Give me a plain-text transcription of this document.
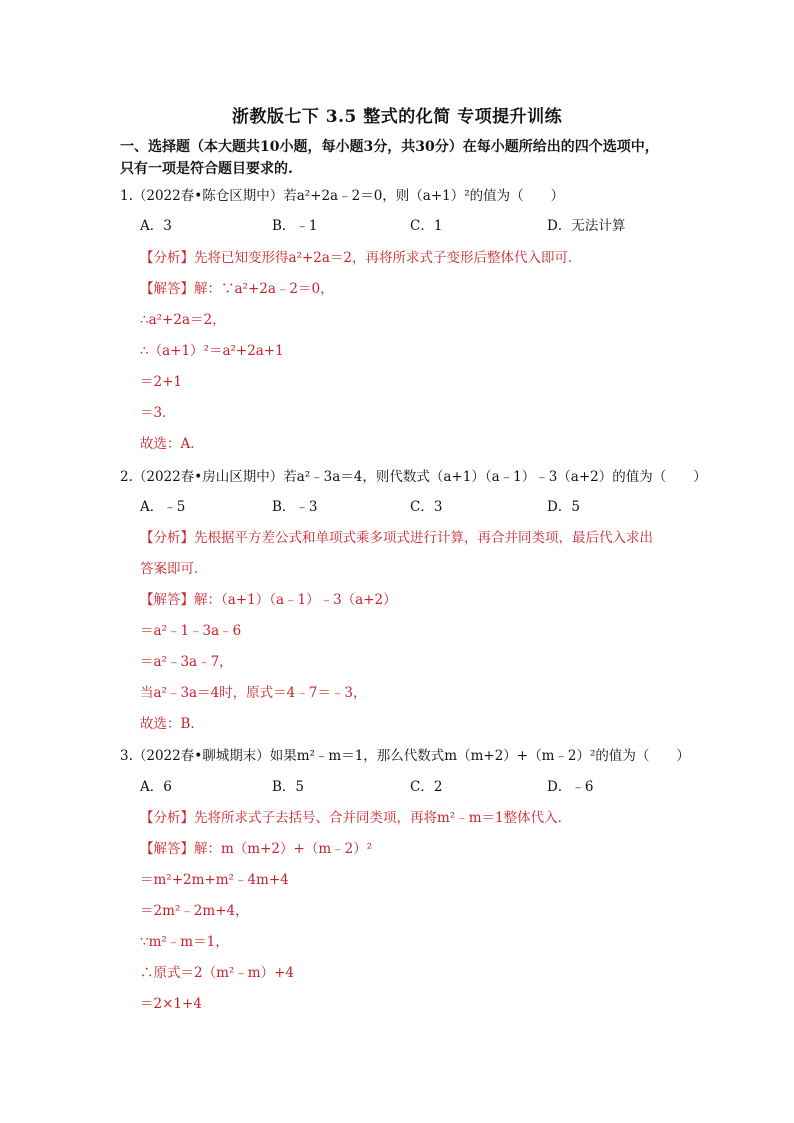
浙教版七下 3.5 整式的化简 专项提升训练
一、选择题（本大题共10小题，每小题3分，共30分）在每小题所给出的四个选项中，
只有一项是符合题目要求的.
1.（2022春•陈仓区期中）若a²+2a﹣2＝0，则（a+1）²的值为（　　）
A．3	B．﹣1	C．1	D．无法计算
【分析】先将已知变形得a²+2a＝2，再将所求式子变形后整体代入即可．
【解答】解：∵a²+2a﹣2＝0，
∴a²+2a＝2，
∴（a+1）²＝a²+2a+1
＝2+1
＝3．
故选：A．
2.（2022春•房山区期中）若a²﹣3a＝4，则代数式（a+1）（a﹣1）﹣3（a+2）的值为（　　）
A．﹣5	B．﹣3	C．3	D．5
【分析】先根据平方差公式和单项式乘多项式进行计算，再合并同类项，最后代入求出
答案即可．
【解答】解：（a+1）（a﹣1）﹣3（a+2）
＝a²﹣1﹣3a﹣6
＝a²﹣3a﹣7，
当a²﹣3a＝4时，原式＝4﹣7＝﹣3，
故选：B．
3.（2022春•聊城期末）如果m²﹣m＝1，那么代数式m（m+2）+（m﹣2）²的值为（　　）
A．6	B．5	C．2	D．﹣6
【分析】先将所求式子去括号、合并同类项，再将m²﹣m＝1整体代入．
【解答】解：m（m+2）+（m﹣2）²
＝m²+2m+m²﹣4m+4
＝2m²﹣2m+4，
∵m²﹣m＝1，
∴原式＝2（m²﹣m）+4
＝2×1+4
